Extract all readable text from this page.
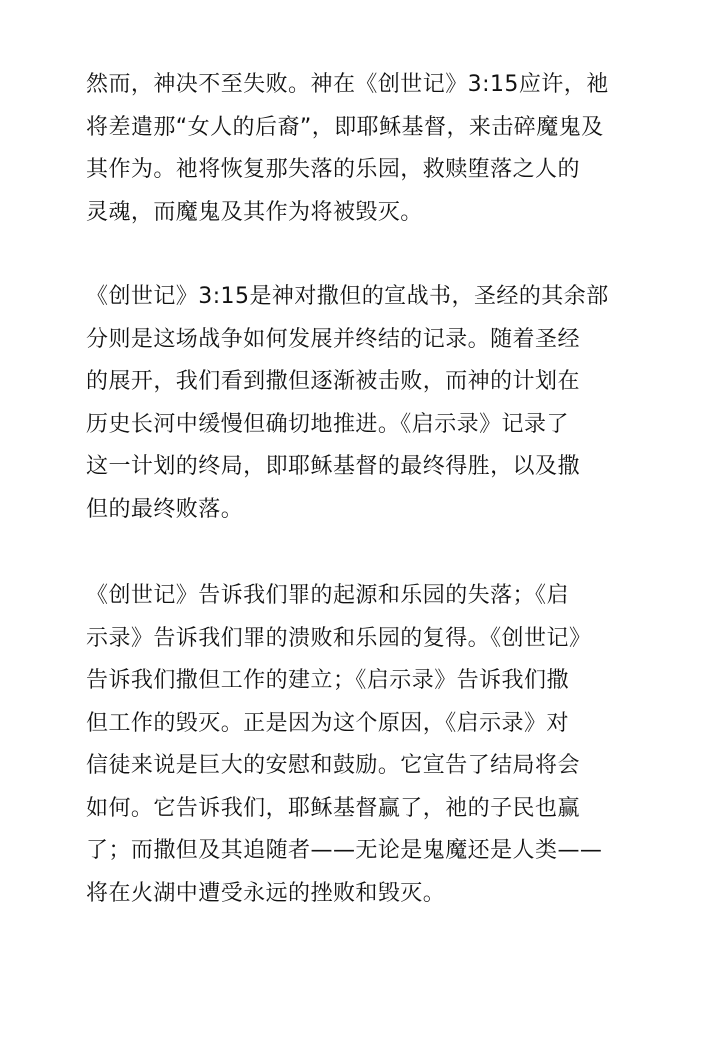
然而，神决不至失败。神在《创世记》3:15应许，祂
将差遣那“女人的后裔”，即耶稣基督，来击碎魔鬼及
其作为。祂将恢复那失落的乐园，救赎堕落之人的
灵魂，而魔鬼及其作为将被毁灭。

《创世记》3:15是神对撒但的宣战书，圣经的其余部
分则是这场战争如何发展并终结的记录。随着圣经
的展开，我们看到撒但逐渐被击败，而神的计划在
历史长河中缓慢但确切地推进。《启示录》记录了
这一计划的终局，即耶稣基督的最终得胜，以及撒
但的最终败落。

《创世记》告诉我们罪的起源和乐园的失落；《启
示录》告诉我们罪的溃败和乐园的复得。《创世记》
告诉我们撒但工作的建立；《启示录》告诉我们撒
但工作的毁灭。正是因为这个原因，《启示录》对
信徒来说是巨大的安慰和鼓励。它宣告了结局将会
如何。它告诉我们，耶稣基督赢了，祂的子民也赢
了；而撒但及其追随者——无论是鬼魔还是人类——
将在火湖中遭受永远的挫败和毁灭。
